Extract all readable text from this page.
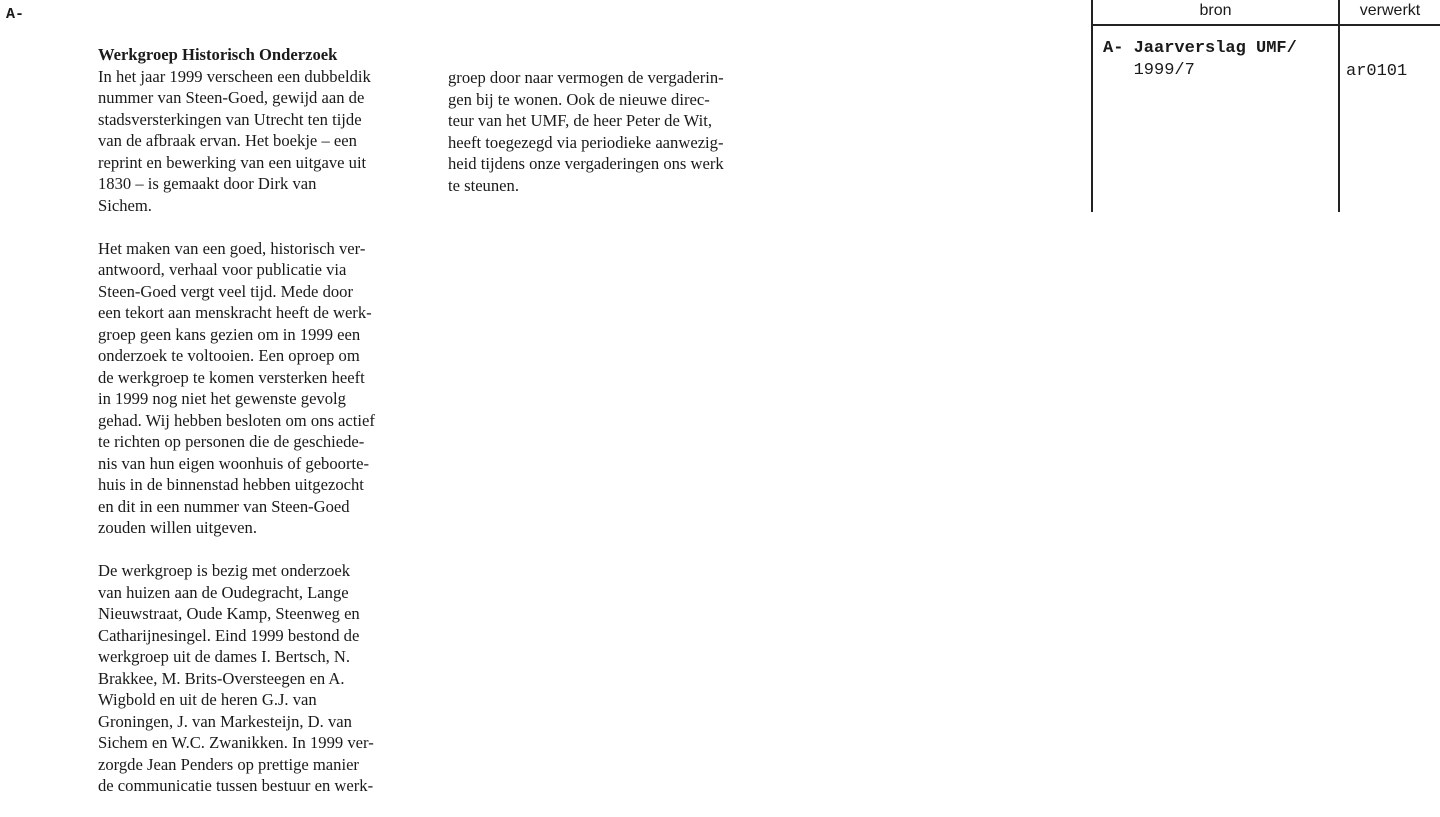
A-
Werkgroep Historisch Onderzoek
In het jaar 1999 verscheen een dubbeldik
nummer van Steen-Goed, gewijd aan de
stadsversterkingen van Utrecht ten tijde
van de afbraak ervan. Het boekje – een
reprint en bewerking van een uitgave uit
1830 – is gemaakt door Dirk van
Sichem.
Het maken van een goed, historisch ver-
antwoord, verhaal voor publicatie via
Steen-Goed vergt veel tijd. Mede door
een tekort aan menskracht heeft de werk-
groep geen kans gezien om in 1999 een
onderzoek te voltooien. Een oproep om
de werkgroep te komen versterken heeft
in 1999 nog niet het gewenste gevolg
gehad. Wij hebben besloten om ons actief
te richten op personen die de geschiede-
nis van hun eigen woonhuis of geboorte-
huis in de binnenstad hebben uitgezocht
en dit in een nummer van Steen-Goed
zouden willen uitgeven.
De werkgroep is bezig met onderzoek
van huizen aan de Oudegracht, Lange
Nieuwstraat, Oude Kamp, Steenweg en
Catharijnesingel. Eind 1999 bestond de
werkgroep uit de dames I. Bertsch, N.
Brakkee, M. Brits-Oversteegen en A.
Wigbold en uit de heren G.J. van
Groningen, J. van Markesteijn, D. van
Sichem en W.C. Zwanikken. In 1999 ver-
zorgde Jean Penders op prettige manier
de communicatie tussen bestuur en werk-
groep door naar vermogen de vergaderin-
gen bij te wonen. Ook de nieuwe direc-
teur van het UMF, de heer Peter de Wit,
heeft toegezegd via periodieke aanwezig-
heid tijdens onze vergaderingen ons werk
te steunen.
bron	verwerkt
A- Jaarverslag UMF/
1999/7	ar0101
